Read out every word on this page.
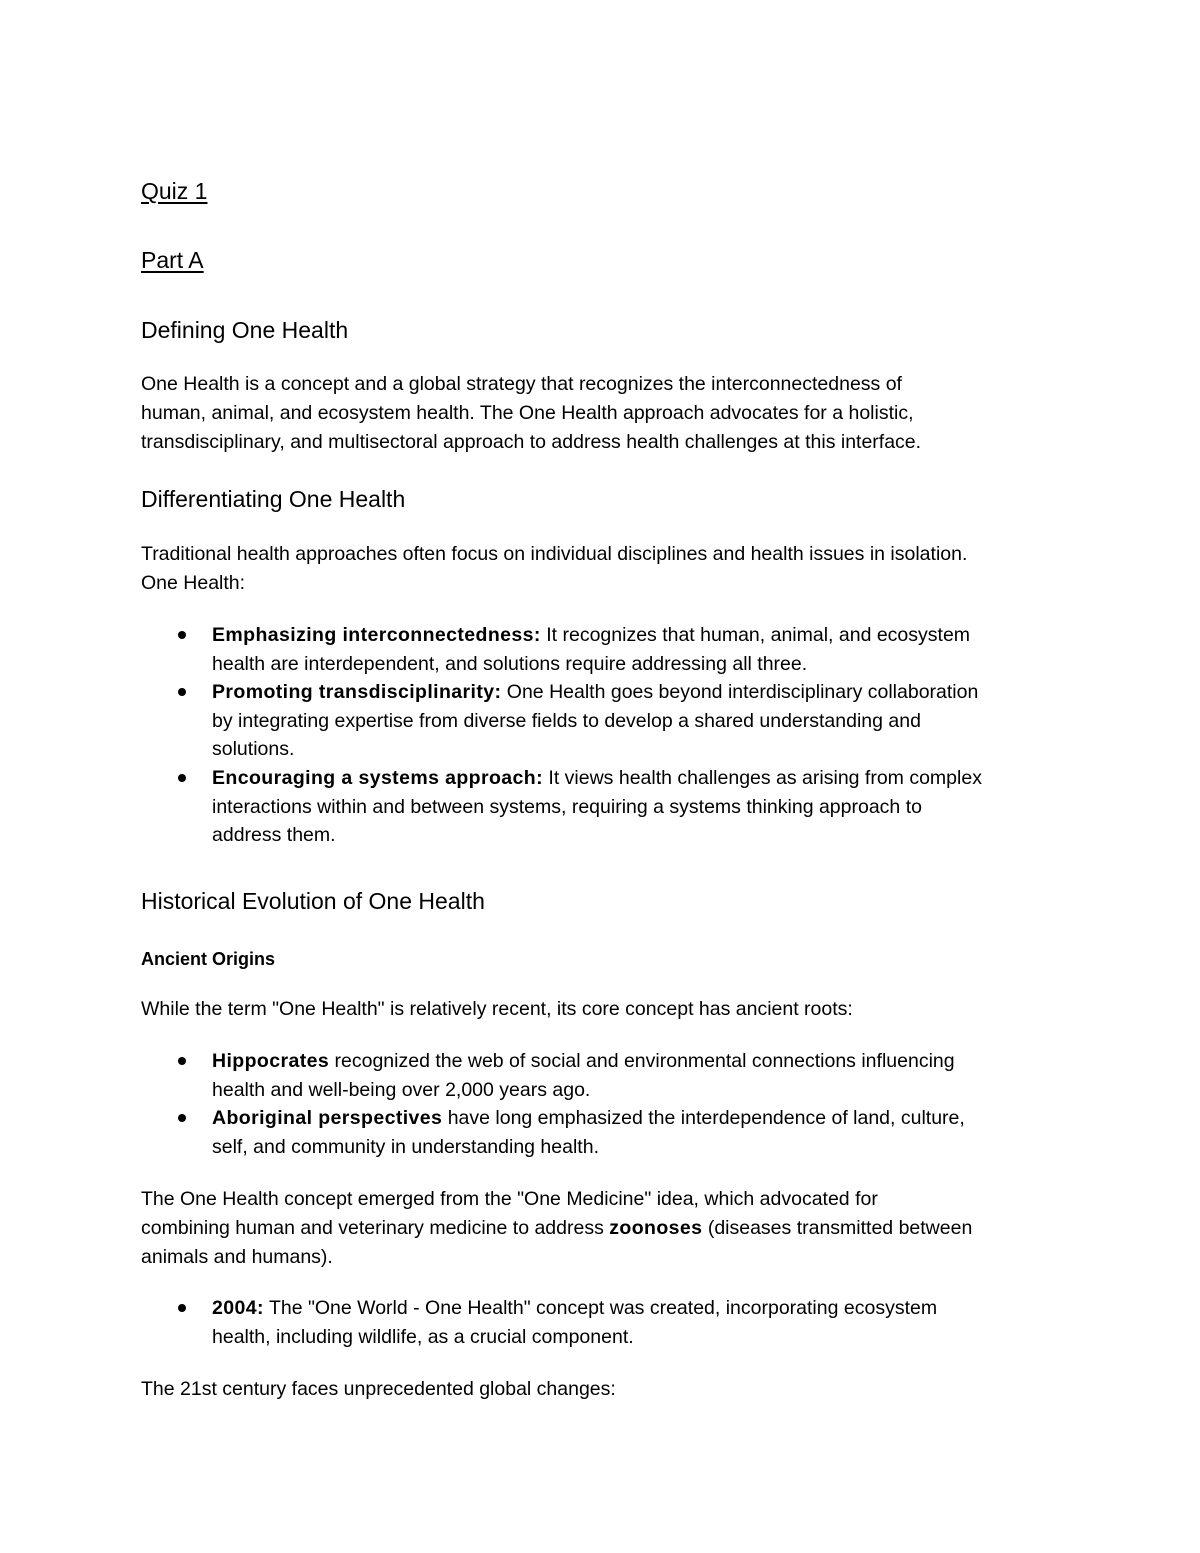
Quiz 1
Part A
Defining One Health
One Health is a concept and a global strategy that recognizes the interconnectedness of
human, animal, and ecosystem health. The One Health approach advocates for a holistic,
transdisciplinary, and multisectoral approach to address health challenges at this interface.
Differentiating One Health
Traditional health approaches often focus on individual disciplines and health issues in isolation.
One Health:
Emphasizing interconnectedness: It recognizes that human, animal, and ecosystem
health are interdependent, and solutions require addressing all three.
Promoting transdisciplinarity: One Health goes beyond interdisciplinary collaboration
by integrating expertise from diverse fields to develop a shared understanding and
solutions.
Encouraging a systems approach: It views health challenges as arising from complex
interactions within and between systems, requiring a systems thinking approach to
address them.
Historical Evolution of One Health
Ancient Origins
While the term "One Health" is relatively recent, its core concept has ancient roots:
Hippocrates recognized the web of social and environmental connections influencing
health and well-being over 2,000 years ago.
Aboriginal perspectives have long emphasized the interdependence of land, culture,
self, and community in understanding health.
The One Health concept emerged from the "One Medicine" idea, which advocated for
combining human and veterinary medicine to address zoonoses (diseases transmitted between
animals and humans).
2004: The "One World - One Health" concept was created, incorporating ecosystem
health, including wildlife, as a crucial component.
The 21st century faces unprecedented global changes:
